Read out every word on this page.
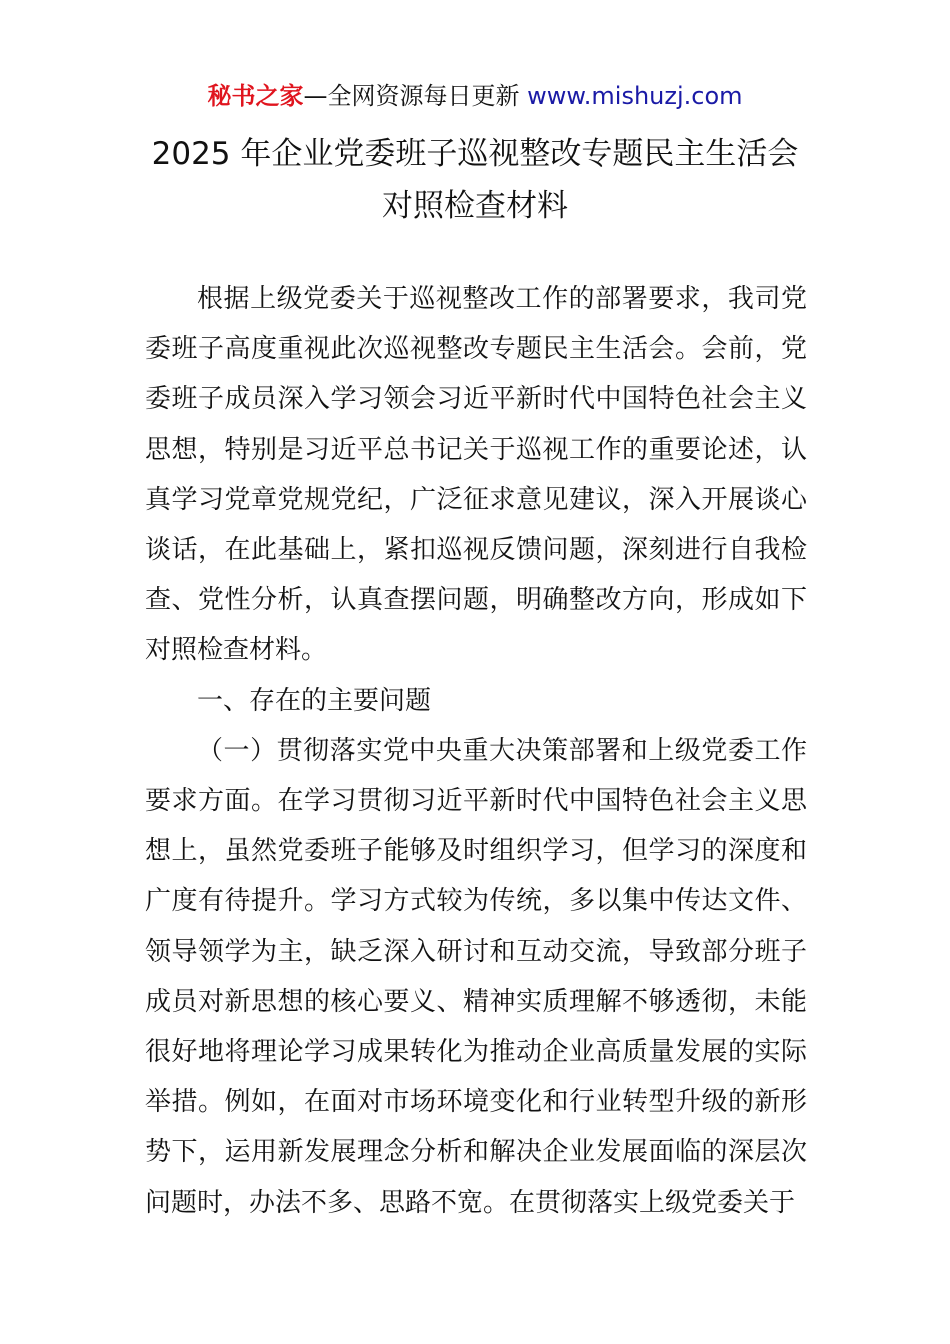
秘书之家—全网资源每日更新 www.mishuzj.com
2025 年企业党委班子巡视整改专题民主生活会
对照检查材料

根据上级党委关于巡视整改工作的部署要求，我司党委班子高度重视此次巡视整改专题民主生活会。会前，党委班子成员深入学习领会习近平新时代中国特色社会主义思想，特别是习近平总书记关于巡视工作的重要论述，认真学习党章党规党纪，广泛征求意见建议，深入开展谈心谈话，在此基础上，紧扣巡视反馈问题，深刻进行自我检查、党性分析，认真查摆问题，明确整改方向，形成如下对照检查材料。

一、存在的主要问题

（一）贯彻落实党中央重大决策部署和上级党委工作要求方面。在学习贯彻习近平新时代中国特色社会主义思想上，虽然党委班子能够及时组织学习，但学习的深度和广度有待提升。学习方式较为传统，多以集中传达文件、领导领学为主，缺乏深入研讨和互动交流，导致部分班子成员对新思想的核心要义、精神实质理解不够透彻，未能很好地将理论学习成果转化为推动企业高质量发展的实际举措。例如，在面对市场环境变化和行业转型升级的新形势下，运用新发展理念分析和解决企业发展面临的深层次问题时，办法不多、思路不宽。在贯彻落实上级党委关于
